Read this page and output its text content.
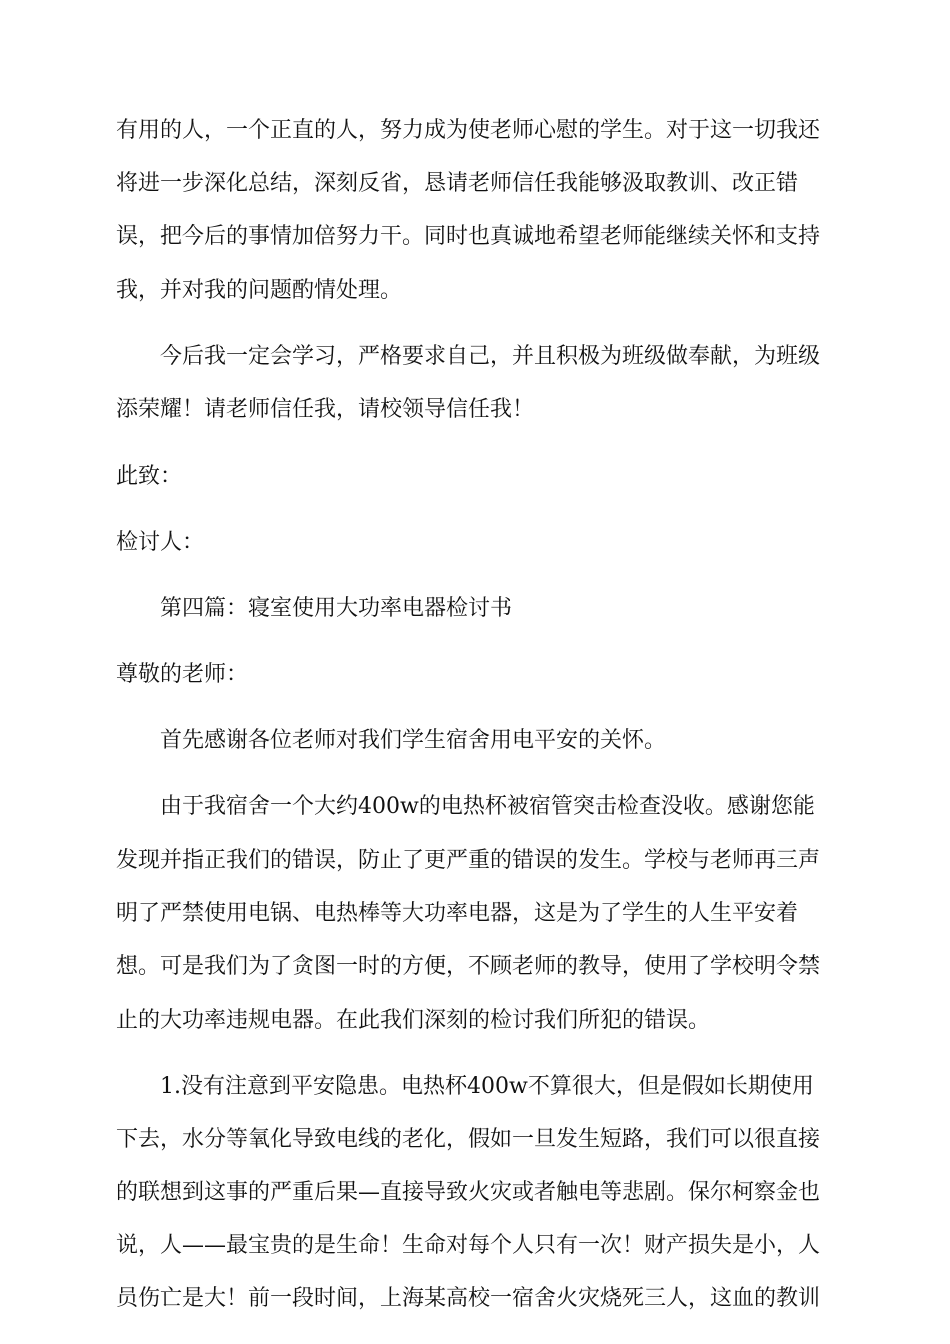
有用的人，一个正直的人，努力成为使老师心慰的学生。对于这一切我还
将进一步深化总结，深刻反省，恳请老师信任我能够汲取教训、改正错
误，把今后的事情加倍努力干。同时也真诚地希望老师能继续关怀和支持
我，并对我的问题酌情处理。
今后我一定会学习，严格要求自己，并且积极为班级做奉献，为班级
添荣耀！请老师信任我，请校领导信任我！
此致：
检讨人：
第四篇：寝室使用大功率电器检讨书
尊敬的老师：
首先感谢各位老师对我们学生宿舍用电平安的关怀。
由于我宿舍一个大约400w的电热杯被宿管突击检查没收。感谢您能
发现并指正我们的错误，防止了更严重的错误的发生。学校与老师再三声
明了严禁使用电锅、电热棒等大功率电器，这是为了学生的人生平安着
想。可是我们为了贪图一时的方便，不顾老师的教导，使用了学校明令禁
止的大功率违规电器。在此我们深刻的检讨我们所犯的错误。
1.没有注意到平安隐患。电热杯400w不算很大，但是假如长期使用
下去，水分等氧化导致电线的老化，假如一旦发生短路，我们可以很直接
的联想到这事的严重后果—直接导致火灾或者触电等悲剧。保尔柯察金也
说，人——最宝贵的是生命！生命对每个人只有一次！财产损失是小，人
员伤亡是大！前一段时间，上海某高校一宿舍火灾烧死三人，这血的教训
